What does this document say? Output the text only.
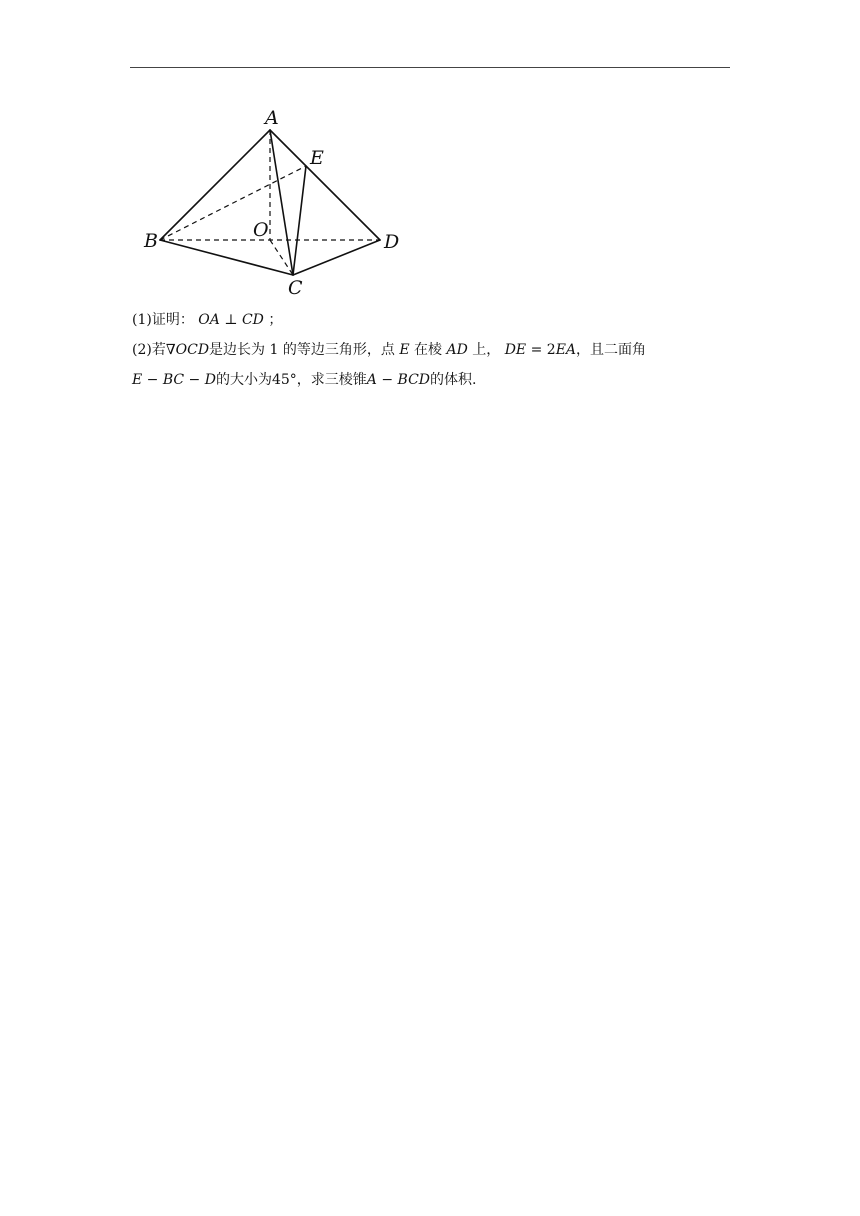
A
E
B	O
D
C
(1)证明： OA ⊥ CD ；
(2)若∇OCD是边长为 1 的等边三角形，点 E 在棱 AD 上， DE = 2EA，且二面角
E − BC − D的大小为45°，求三棱锥A − BCD的体积.
